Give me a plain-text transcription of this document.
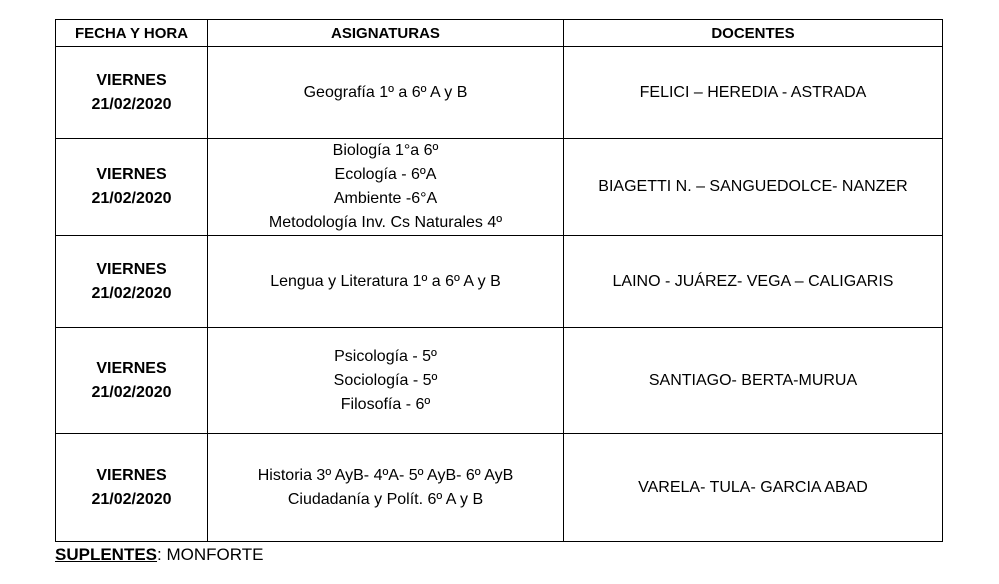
FECHA Y HORA	ASIGNATURAS	DOCENTES

VIERNES
21/02/2020	Geografía 1º a 6º A y B	FELICI – HEREDIA - ASTRADA

VIERNES
21/02/2020	Biología 1°a 6º
Ecología - 6ºA
Ambiente -6°A
Metodología Inv. Cs Naturales 4º	BIAGETTI N. – SANGUEDOLCE- NANZER

VIERNES
21/02/2020	Lengua y Literatura 1º a 6º A y B	LAINO - JUÁREZ- VEGA – CALIGARIS

VIERNES
21/02/2020	Psicología - 5º
Sociología - 5º
Filosofía - 6º	SANTIAGO- BERTA-MURUA

VIERNES
21/02/2020	Historia 3º AyB- 4ºA- 5º AyB- 6º AyB
Ciudadanía y Polít. 6º A y B	VARELA- TULA- GARCIA ABAD
SUPLENTES: MONFORTE
